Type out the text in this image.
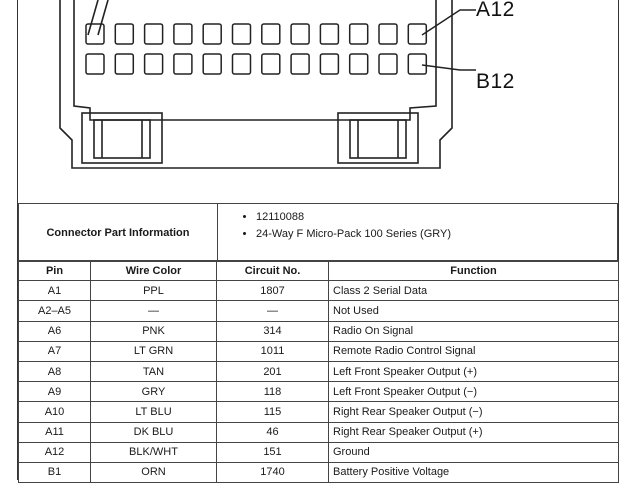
A12
B12
Connector Part Information	
• 12110088
• 24-Way F Micro-Pack 100 Series (GRY)
Pin	Wire Color	Circuit No.	Function
A1	PPL	1807	Class 2 Serial Data
A2–A5	—	—	Not Used
A6	PNK	314	Radio On Signal
A7	LT GRN	1011	Remote Radio Control Signal
A8	TAN	201	Left Front Speaker Output (+)
A9	GRY	118	Left Front Speaker Output (−)
A10	LT BLU	115	Right Rear Speaker Output (−)
A11	DK BLU	46	Right Rear Speaker Output (+)
A12	BLK/WHT	151	Ground
B1	ORN	1740	Battery Positive Voltage
